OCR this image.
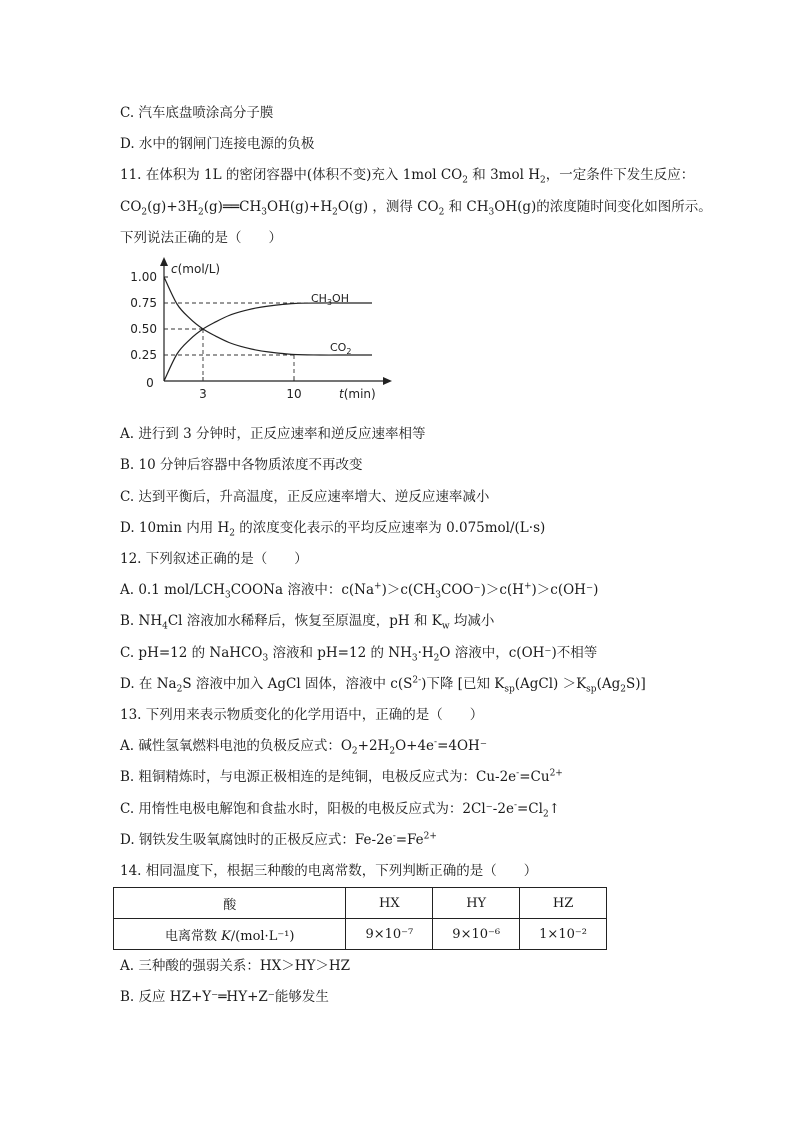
C. 汽车底盘喷涂高分子膜
D. 水中的钢闸门连接电源的负极
11. 在体积为 1L 的密闭容器中(体积不变)充入 1mol $CO_2$ 和 3mol $H_2$，一定条件下发生反应：
$CO_2(g)+3H_2(g)══CH_3OH(g)+H_2O(g)$ ，测得 $CO_2$ 和 $CH_3OH(g)$的浓度随时间变化如图所示。
下列说法正确的是（　　）
1.00
0.75
0.50
0.25
0
3	10
c(mol/L)
t(min)
$CH_3OH$
$CO_2$
A. 进行到 3 分钟时，正反应速率和逆反应速率相等
B. 10 分钟后容器中各物质浓度不再改变
C. 达到平衡后，升高温度，正反应速率增大、逆反应速率减小
D. 10min 内用 $H_2$ 的浓度变化表示的平均反应速率为 0.075mol/(L·s)
12. 下列叙述正确的是（　　）
A. 0.1 mol/$LCH_3COONa$ 溶液中：$c(Na^+)>c(CH_3COO^-)>c(H^+)>c(OH^-)$
B. $NH_4Cl$ 溶液加水稀释后，恢复至原温度，pH 和 $K_w$ 均减小
C. pH=12 的 NaHCO$_3$ 溶液和 pH=12 的 $NH_3\cdot H_2O$ 溶液中，c(OH⁻)不相等
D. 在 $Na_2S$ 溶液中加入 AgCl 固体，溶液中 $c(S^{2-})$下降 [已知 $K_{sp}(AgCl) >K_{sp}(Ag_2S)$]
13. 下列用来表示物质变化的化学用语中，正确的是（　　）
A. 碱性氢氧燃料电池的负极反应式：$O_2+2H_2O+4e^-=4OH^-$
B. 粗铜精炼时，与电源正极相连的是纯铜，电极反应式为：$Cu-2e^-=Cu^{2+}$
C. 用惰性电极电解饱和食盐水时，阳极的电极反应式为：$2Cl^--2e^-=Cl_2↑$
D. 钢铁发生吸氧腐蚀时的正极反应式：$Fe-2e^-=Fe^{2+}$
14. 相同温度下，根据三种酸的电离常数，下列判断正确的是（　　）
酸	HX	HY	HZ
电离常数 K/(mol·L⁻¹)	9×10⁻⁷	9×10⁻⁶	1×10⁻²
A. 三种酸的强弱关系：HX＞HY＞HZ
B. 反应 HZ+Y⁻═HY+Z⁻能够发生
